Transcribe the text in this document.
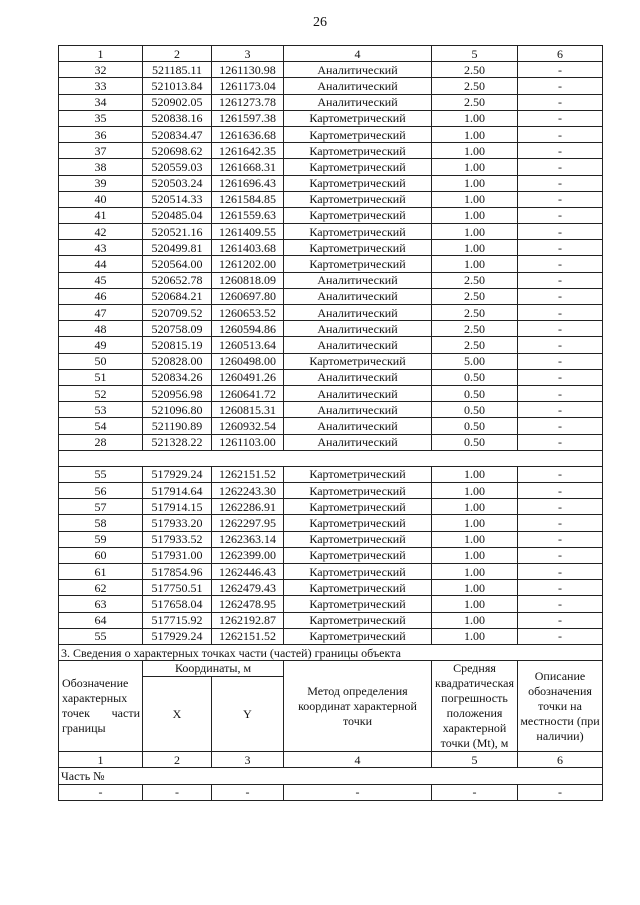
26
1	2	3	4	5	6
32	521185.11	1261130.98	Аналитический	2.50	-
33	521013.84	1261173.04	Аналитический	2.50	-
34	520902.05	1261273.78	Аналитический	2.50	-
35	520838.16	1261597.38	Картометрический	1.00	-
36	520834.47	1261636.68	Картометрический	1.00	-
37	520698.62	1261642.35	Картометрический	1.00	-
38	520559.03	1261668.31	Картометрический	1.00	-
39	520503.24	1261696.43	Картометрический	1.00	-
40	520514.33	1261584.85	Картометрический	1.00	-
41	520485.04	1261559.63	Картометрический	1.00	-
42	520521.16	1261409.55	Картометрический	1.00	-
43	520499.81	1261403.68	Картометрический	1.00	-
44	520564.00	1261202.00	Картометрический	1.00	-
45	520652.78	1260818.09	Аналитический	2.50	-
46	520684.21	1260697.80	Аналитический	2.50	-
47	520709.52	1260653.52	Аналитический	2.50	-
48	520758.09	1260594.86	Аналитический	2.50	-
49	520815.19	1260513.64	Аналитический	2.50	-
50	520828.00	1260498.00	Картометрический	5.00	-
51	520834.26	1260491.26	Аналитический	0.50	-
52	520956.98	1260641.72	Аналитический	0.50	-
53	521096.80	1260815.31	Аналитический	0.50	-
54	521190.89	1260932.54	Аналитический	0.50	-
28	521328.22	1261103.00	Аналитический	0.50	-

55	517929.24	1262151.52	Картометрический	1.00	-
56	517914.64	1262243.30	Картометрический	1.00	-
57	517914.15	1262286.91	Картометрический	1.00	-
58	517933.20	1262297.95	Картометрический	1.00	-
59	517933.52	1262363.14	Картометрический	1.00	-
60	517931.00	1262399.00	Картометрический	1.00	-
61	517854.96	1262446.43	Картометрический	1.00	-
62	517750.51	1262479.43	Картометрический	1.00	-
63	517658.04	1262478.95	Картометрический	1.00	-
64	517715.92	1262192.87	Картометрический	1.00	-
55	517929.24	1262151.52	Картометрический	1.00	-
3. Сведения о характерных точках части (частей) границы объекта					
Обозначение характерных точек части границы	Координаты, м		Метод определения координат характерной точки	Средняя квадратическая погрешность положения характерной точки (Mt), м	Описание обозначения точки на местности (при наличии)
	X	Y			
1	2	3	4	5	6
Часть №					
-	-	-	-	-	-
